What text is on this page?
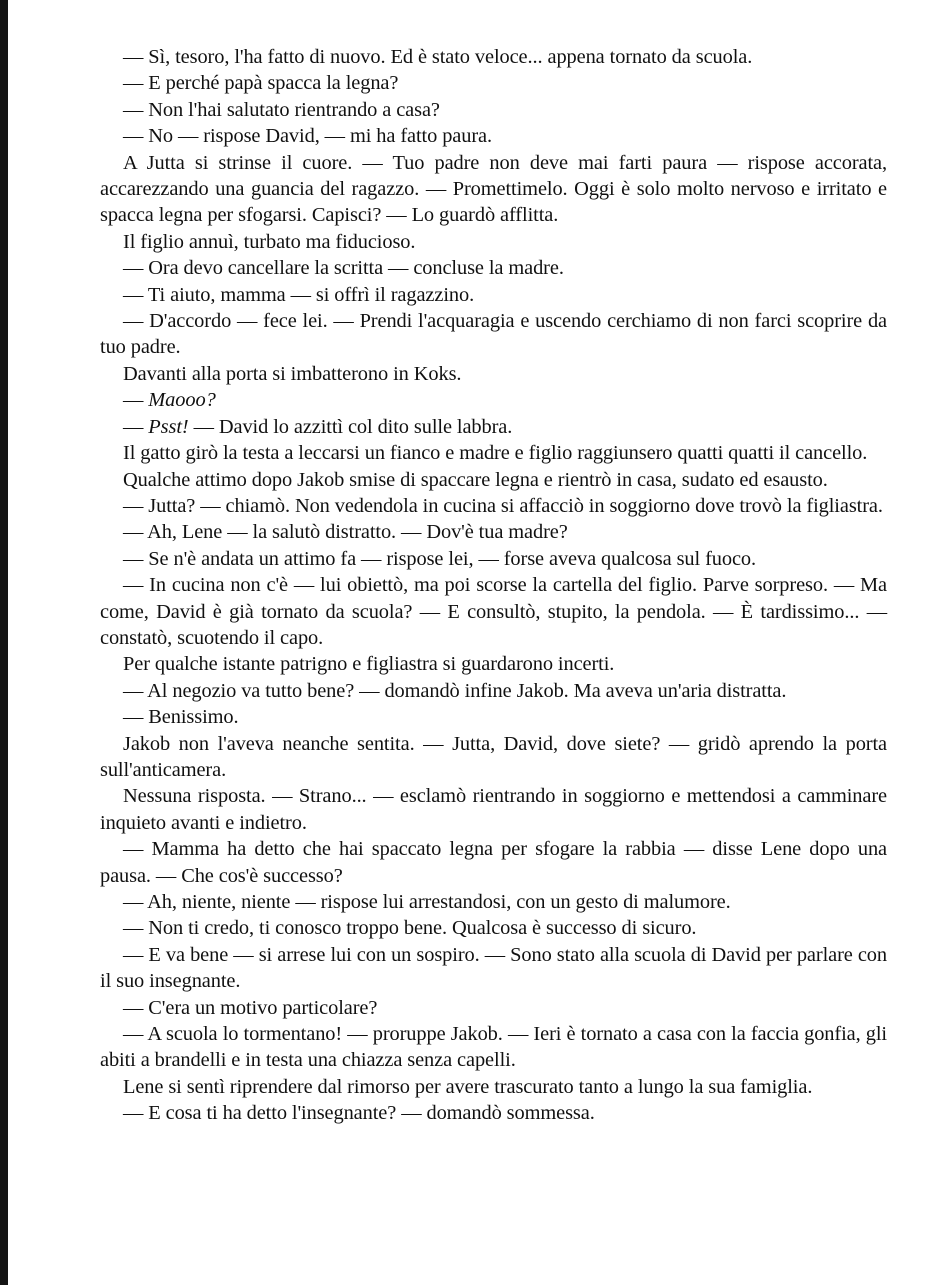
— Sì, tesoro, l'ha fatto di nuovo. Ed è stato veloce... appena tornato da scuola.

— E perché papà spacca la legna?

— Non l'hai salutato rientrando a casa?

— No — rispose David, — mi ha fatto paura.

A Jutta si strinse il cuore. — Tuo padre non deve mai farti paura — rispose accorata, accarezzando una guancia del ragazzo. — Promettimelo. Oggi è solo molto nervoso e irritato e spacca legna per sfogarsi. Capisci? — Lo guardò afflitta.

Il figlio annuì, turbato ma fiducioso.

— Ora devo cancellare la scritta — concluse la madre.

— Ti aiuto, mamma — si offrì il ragazzino.

— D'accordo — fece lei. — Prendi l'acquaragia e uscendo cerchiamo di non farci scoprire da tuo padre.

Davanti alla porta si imbatterono in Koks.

— Maooo?

— Psst! — David lo azzittì col dito sulle labbra.

Il gatto girò la testa a leccarsi un fianco e madre e figlio raggiunsero quatti quatti il cancello.

Qualche attimo dopo Jakob smise di spaccare legna e rientrò in casa, sudato ed esausto.

— Jutta? — chiamò. Non vedendola in cucina si affacciò in soggiorno dove trovò la figliastra.

— Ah, Lene — la salutò distratto. — Dov'è tua madre?

— Se n'è andata un attimo fa — rispose lei, — forse aveva qualcosa sul fuoco.

— In cucina non c'è — lui obiettò, ma poi scorse la cartella del figlio. Parve sorpreso. — Ma come, David è già tornato da scuola? — E consultò, stupito, la pendola. — È tardissimo... — constatò, scuotendo il capo.

Per qualche istante patrigno e figliastra si guardarono incerti.

— Al negozio va tutto bene? — domandò infine Jakob. Ma aveva un'aria distratta.

— Benissimo.

Jakob non l'aveva neanche sentita. — Jutta, David, dove siete? — gridò aprendo la porta sull'anticamera.

Nessuna risposta. — Strano... — esclamò rientrando in soggiorno e mettendosi a camminare inquieto avanti e indietro.

— Mamma ha detto che hai spaccato legna per sfogare la rabbia — disse Lene dopo una pausa. — Che cos'è successo?

— Ah, niente, niente — rispose lui arrestandosi, con un gesto di malumore.

— Non ti credo, ti conosco troppo bene. Qualcosa è successo di sicuro.

— E va bene — si arrese lui con un sospiro. — Sono stato alla scuola di David per parlare con il suo insegnante.

— C'era un motivo particolare?

— A scuola lo tormentano! — proruppe Jakob. — Ieri è tornato a casa con la faccia gonfia, gli abiti a brandelli e in testa una chiazza senza capelli.

Lene si sentì riprendere dal rimorso per avere trascurato tanto a lungo la sua famiglia.

— E cosa ti ha detto l'insegnante? — domandò sommessa.
